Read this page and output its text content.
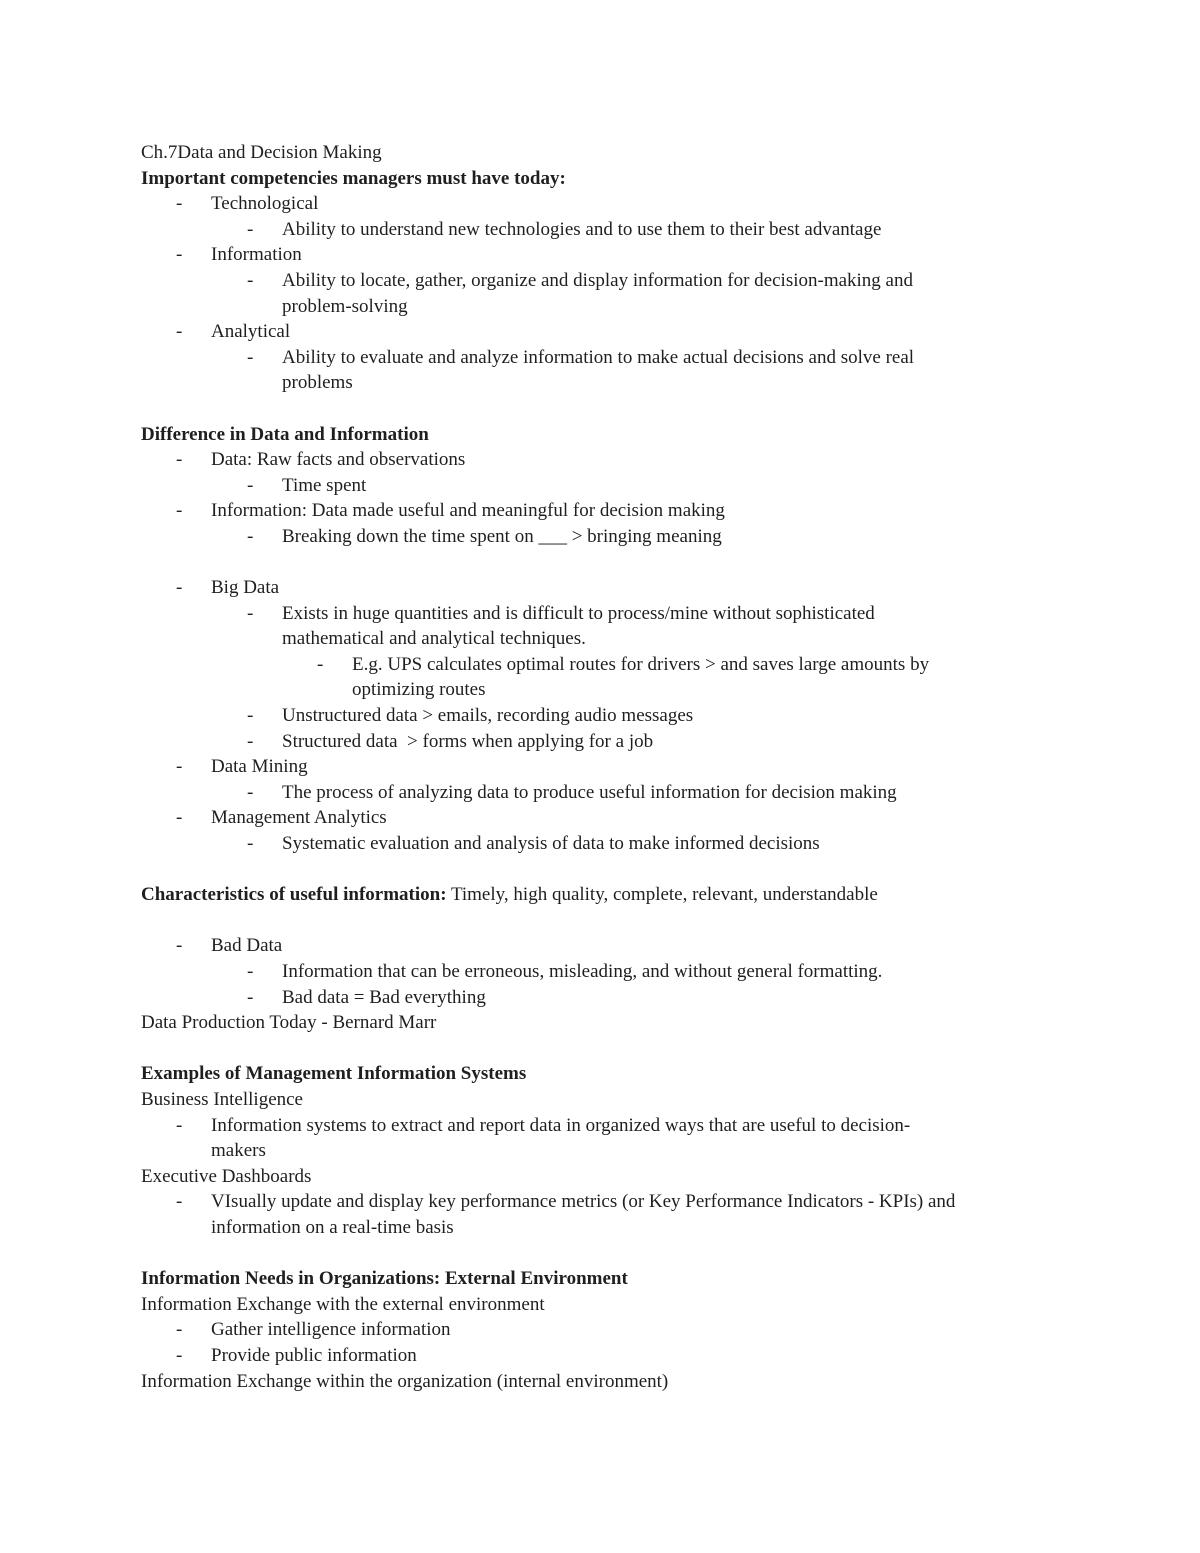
Ch.7Data and Decision Making

Important competencies managers must have today:

- Technological

- Ability to understand new technologies and to use them to their best advantage

- Information

- Ability to locate, gather, organize and display information for decision-making and

problem-solving

- Analytical

- Ability to evaluate and analyze information to make actual decisions and solve real

problems

Difference in Data and Information

- Data: Raw facts and observations

- Time spent

- Information: Data made useful and meaningful for decision making

- Breaking down the time spent on ___ > bringing meaning

- Big Data

- Exists in huge quantities and is difficult to process/mine without sophisticated

mathematical and analytical techniques.

- E.g. UPS calculates optimal routes for drivers > and saves large amounts by

optimizing routes

- Unstructured data > emails, recording audio messages

- Structured data  > forms when applying for a job

- Data Mining

- The process of analyzing data to produce useful information for decision making

- Management Analytics

- Systematic evaluation and analysis of data to make informed decisions

Characteristics of useful information: Timely, high quality, complete, relevant, understandable

- Bad Data

- Information that can be erroneous, misleading, and without general formatting.

- Bad data = Bad everything

Data Production Today - Bernard Marr

Examples of Management Information Systems

Business Intelligence

- Information systems to extract and report data in organized ways that are useful to decision-

makers

Executive Dashboards

- VIsually update and display key performance metrics (or Key Performance Indicators - KPIs) and

information on a real-time basis

Information Needs in Organizations: External Environment

Information Exchange with the external environment

- Gather intelligence information

- Provide public information

Information Exchange within the organization (internal environment)
